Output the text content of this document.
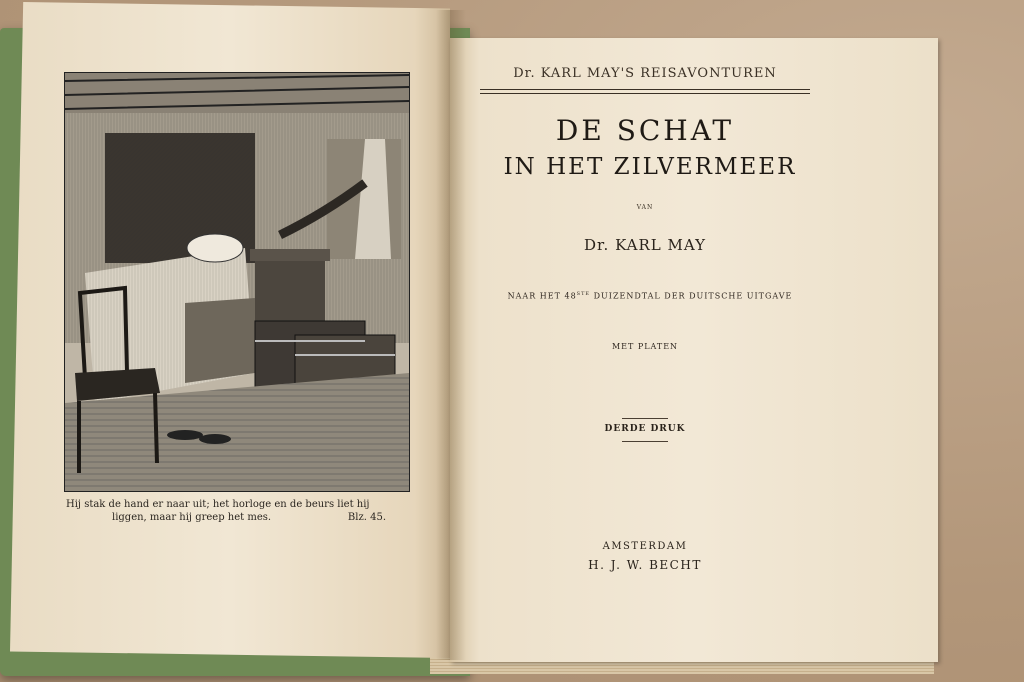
Hij stak de hand er naar uit; het horloge en de beurs liet hij
liggen, maar hij greep het mes.	Blz. 45.
Dr. KARL MAY'S REISAVONTUREN
DE SCHAT
IN HET ZILVERMEER
VAN
Dr. KARL MAY
NAAR HET 48STE DUIZENDTAL DER DUITSCHE UITGAVE
MET PLATEN
DERDE DRUK
AMSTERDAM
H. J. W. BECHT
